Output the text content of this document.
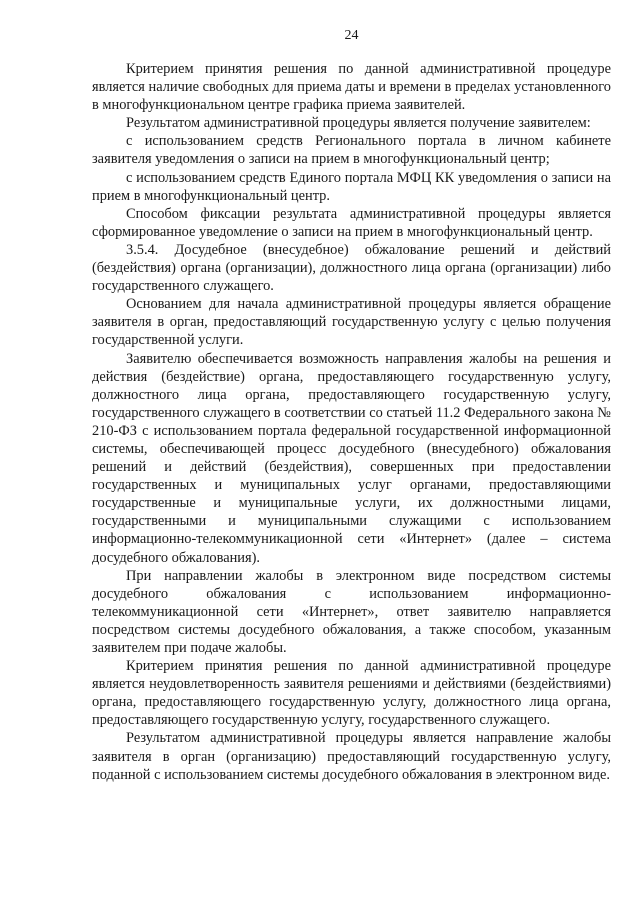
24

Критерием принятия решения по данной административной процедуре является наличие свободных для приема даты и времени в пределах установленного в многофункциональном центре графика приема заявителей.

Результатом административной процедуры является получение заявителем:

с использованием средств Регионального портала в личном кабинете заявителя уведомления о записи на прием в многофункциональный центр;

с использованием средств Единого портала МФЦ КК уведомления о записи на прием в многофункциональный центр.

Способом фиксации результата административной процедуры является сформированное уведомление о записи на прием в многофункциональный центр.

3.5.4. Досудебное (внесудебное) обжалование решений и действий (бездействия) органа (организации), должностного лица органа (организации) либо государственного служащего.

Основанием для начала административной процедуры является обращение заявителя в орган, предоставляющий государственную услугу с целью получения государственной услуги.

Заявителю обеспечивается возможность направления жалобы на решения и действия (бездействие) органа, предоставляющего государственную услугу, должностного лица органа, предоставляющего государственную услугу, государственного служащего в соответствии со статьей 11.2 Федерального закона № 210-ФЗ с использованием портала федеральной государственной информационной системы, обеспечивающей процесс досудебного (внесудебного) обжалования решений и действий (бездействия), совершенных при предоставлении государственных и муниципальных услуг органами, предоставляющими государственные и муниципальные услуги, их должностными лицами, государственными и муниципальными служащими с использованием информационно-телекоммуникационной сети «Интернет» (далее – система досудебного обжалования).

При направлении жалобы в электронном виде посредством системы досудебного обжалования с использованием информационно-телекоммуникационной сети «Интернет», ответ заявителю направляется посредством системы досудебного обжалования, а также способом, указанным заявителем при подаче жалобы.

Критерием принятия решения по данной административной процедуре является неудовлетворенность заявителя решениями и действиями (бездействиями) органа, предоставляющего государственную услугу, должностного лица органа, предоставляющего государственную услугу, государственного служащего.

Результатом административной процедуры является направление жалобы заявителя в орган (организацию) предоставляющий государственную услугу, поданной с использованием системы досудебного обжалования в электронном виде.
